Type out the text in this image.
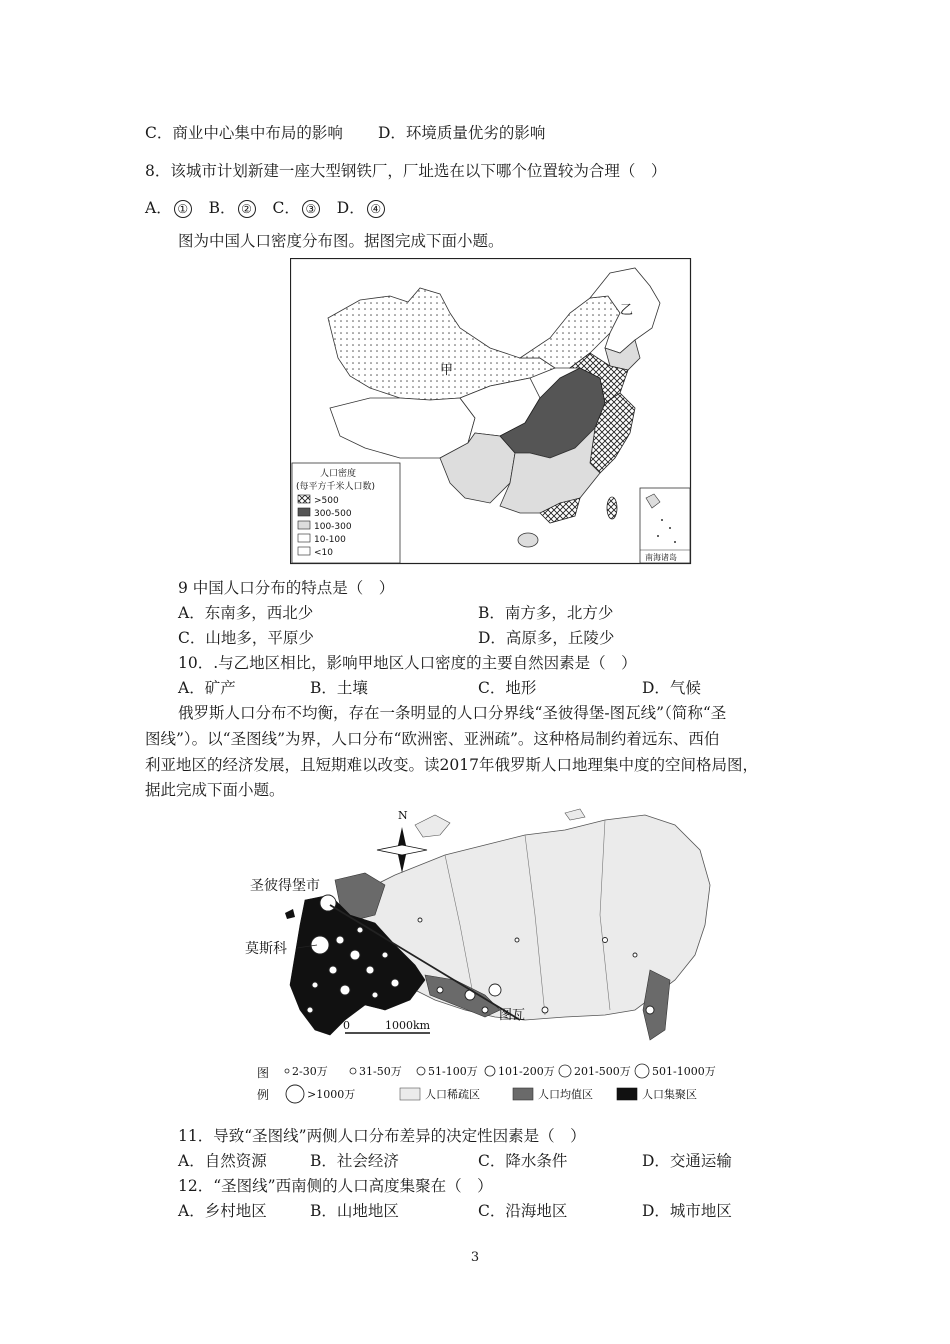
C．商业中心集中布局的影响 D．环境质量优劣的影响
8．该城市计划新建一座大型钢铁厂，厂址选在以下哪个位置较为合理（　）
A． ① B． ② C． ③ D． ④
图为中国人口密度分布图。据图完成下面小题。
甲
乙
人口密度
(每平方千米人口数)
>500
300-500
100-300
10-100
<10	南海诸岛
9 中国人口分布的特点是（　）
A．东南多，西北少	B．南方多，北方少
C．山地多，平原少	D．高原多，丘陵少
10．.与乙地区相比，影响甲地区人口密度的主要自然因素是（　）
A．矿产	B．土壤	C．地形	D．气候
俄罗斯人口分布不均衡，存在一条明显的人口分界线“圣彼得堡-图瓦线”（简称“圣
图线”）。以“圣图线”为界，人口分布“欧洲密、亚洲疏”。这种格局制约着远东、西伯
利亚地区的经济发展，且短期难以改变。读2017年俄罗斯人口地理集中度的空间格局图，
据此完成下面小题。
N
圣彼得堡市
莫斯科
图瓦
0	1000km
图
例
2-30万	31-50万 51-100万 101-200万 201-500万 501-1000万
>1000万	人口稀疏区	人口均值区	人口集聚区
11．导致“圣图线”两侧人口分布差异的决定性因素是（　）
A．自然资源	B．社会经济	C．降水条件	D．交通运输
12．“圣图线”西南侧的人口高度集聚在（　）
A．乡村地区	B．山地地区	C．沿海地区	D．城市地区
3
